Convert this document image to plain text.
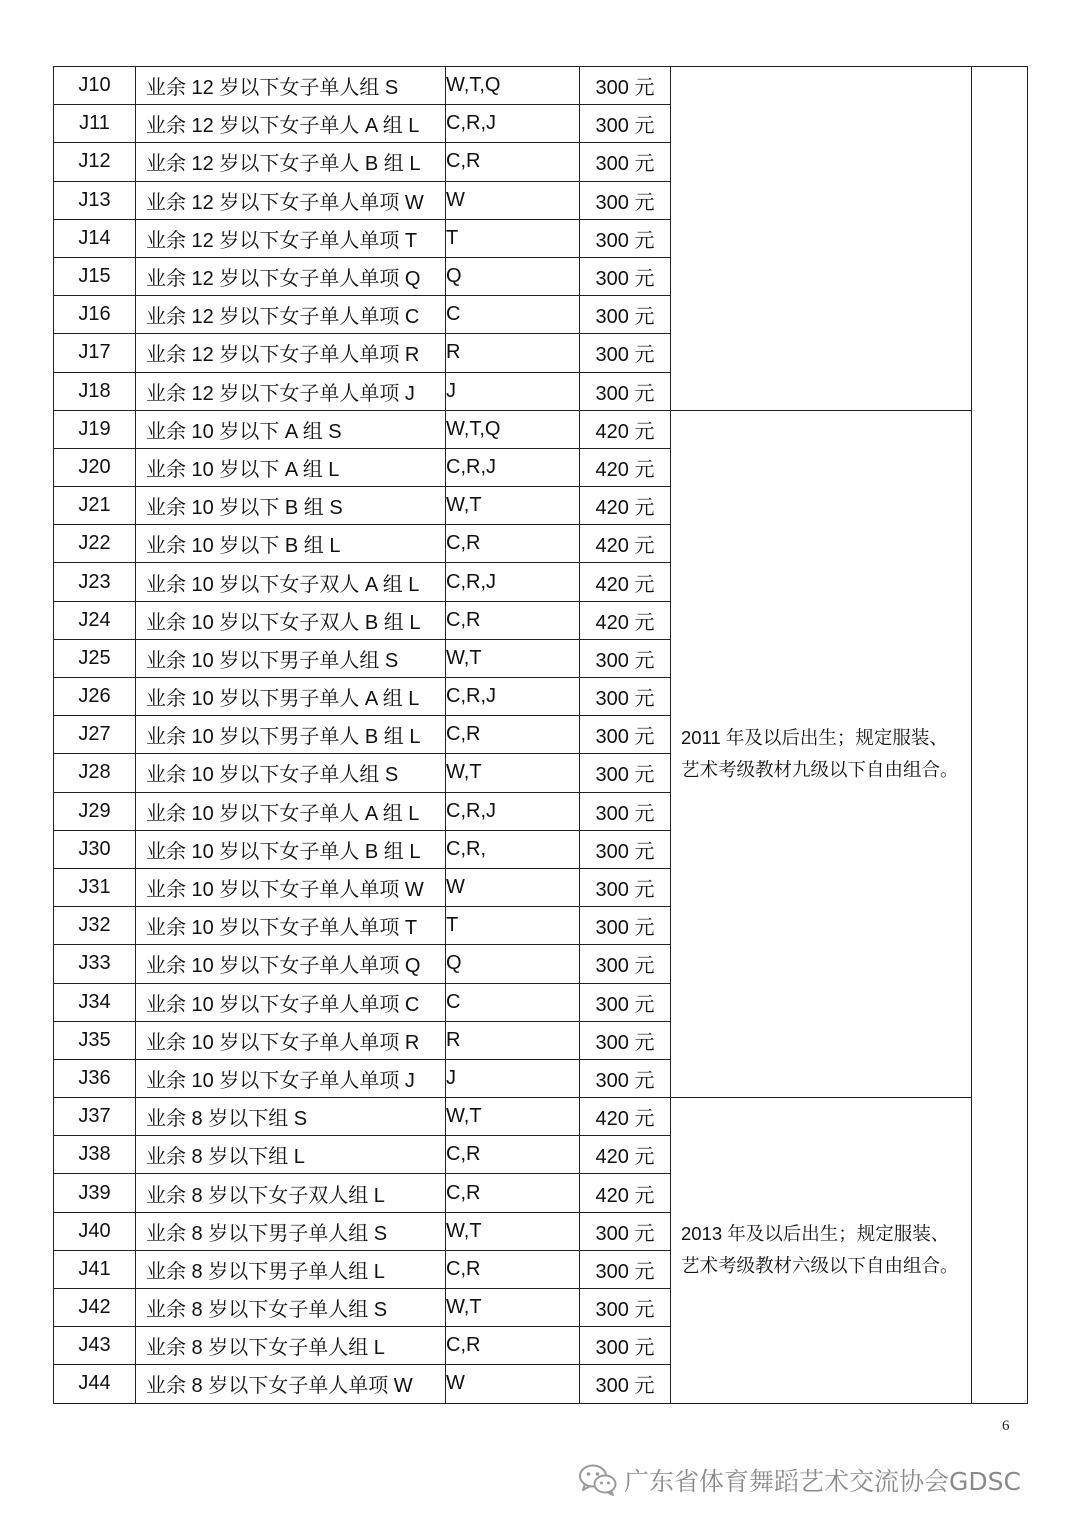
J10	业余 12 岁以下女子单人组 S	W,T,Q	300 元		
J11	业余 12 岁以下女子单人 A 组 L	C,R,J	300 元		
J12	业余 12 岁以下女子单人 B 组 L	C,R	300 元		
J13	业余 12 岁以下女子单人单项 W	W	300 元		
J14	业余 12 岁以下女子单人单项 T	T	300 元		
J15	业余 12 岁以下女子单人单项 Q	Q	300 元		
J16	业余 12 岁以下女子单人单项 C	C	300 元		
J17	业余 12 岁以下女子单人单项 R	R	300 元		
J18	业余 12 岁以下女子单人单项 J	J	300 元		
J19	业余 10 岁以下 A 组 S	W,T,Q	420 元	2011 年及以后出生；规定服装、艺术考级教材九级以下自由组合。	
J20	业余 10 岁以下 A 组 L	C,R,J	420 元		
J21	业余 10 岁以下 B 组 S	W,T	420 元		
J22	业余 10 岁以下 B 组 L	C,R	420 元		
J23	业余 10 岁以下女子双人 A 组 L	C,R,J	420 元		
J24	业余 10 岁以下女子双人 B 组 L	C,R	420 元		
J25	业余 10 岁以下男子单人组 S	W,T	300 元		
J26	业余 10 岁以下男子单人 A 组 L	C,R,J	300 元		
J27	业余 10 岁以下男子单人 B 组 L	C,R	300 元		
J28	业余 10 岁以下女子单人组 S	W,T	300 元		
J29	业余 10 岁以下女子单人 A 组 L	C,R,J	300 元		
J30	业余 10 岁以下女子单人 B 组 L	C,R,	300 元		
J31	业余 10 岁以下女子单人单项 W	W	300 元		
J32	业余 10 岁以下女子单人单项 T	T	300 元		
J33	业余 10 岁以下女子单人单项 Q	Q	300 元		
J34	业余 10 岁以下女子单人单项 C	C	300 元		
J35	业余 10 岁以下女子单人单项 R	R	300 元		
J36	业余 10 岁以下女子单人单项 J	J	300 元		
J37	业余 8 岁以下组 S	W,T	420 元	2013 年及以后出生；规定服装、艺术考级教材六级以下自由组合。	
J38	业余 8 岁以下组 L	C,R	420 元		
J39	业余 8 岁以下女子双人组 L	C,R	420 元		
J40	业余 8 岁以下男子单人组 S	W,T	300 元		
J41	业余 8 岁以下男子单人组 L	C,R	300 元		
J42	业余 8 岁以下女子单人组 S	W,T	300 元		
J43	业余 8 岁以下女子单人组 L	C,R	300 元		
J44	业余 8 岁以下女子单人单项 W	W	300 元		
6
广东省体育舞蹈艺术交流协会GDSC
